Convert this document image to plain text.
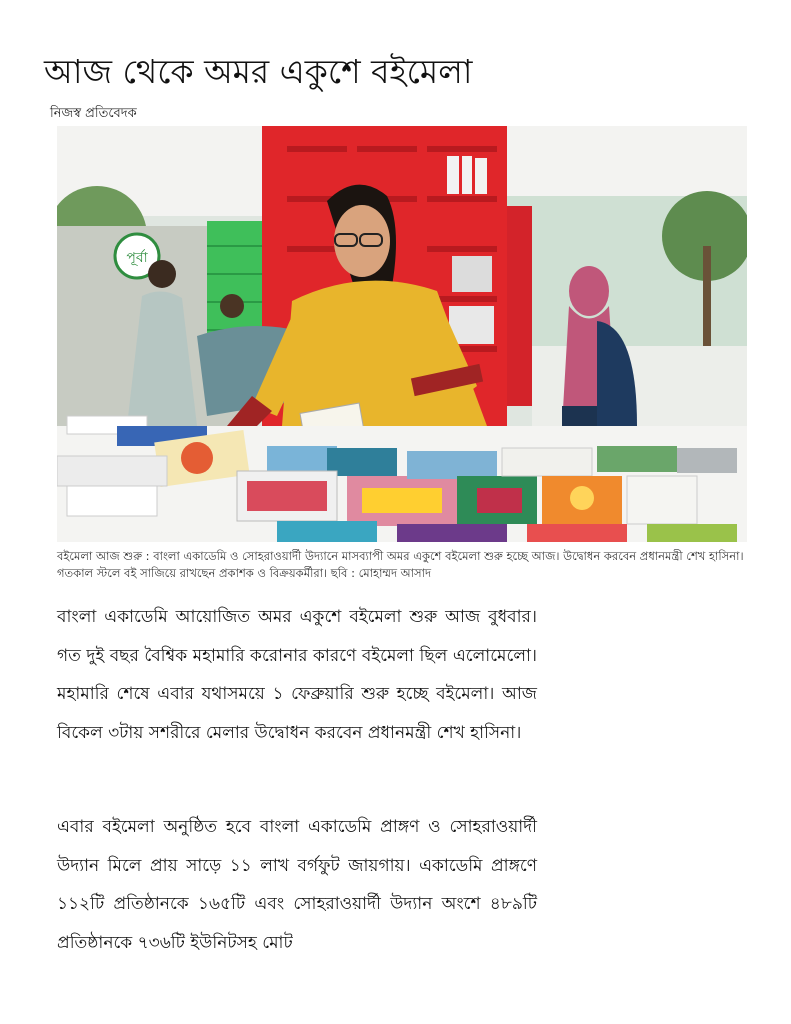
আজ থেকে অমর একুশে বইমেলা
নিজস্ব প্রতিবেদক
পূর্বা

বইমেলা আজ শুরু : বাংলা একাডেমি ও সোহরাওয়ার্দী উদ্যানে মাসব্যাপী অমর একুশে বইমেলা শুরু হচ্ছে আজ। উদ্বোধন করবেন প্রধানমন্ত্রী শেখ হাসিনা। গতকাল স্টলে বই সাজিয়ে রাখছেন প্রকাশক ও বিক্রয়কর্মীরা। ছবি : মোহাম্মদ আসাদ

বাংলা একাডেমি আয়োজিত অমর একুশে বইমেলা শুরু আজ বুধবার। গত দুই বছর বৈশ্বিক মহামারি করোনার কারণে বইমেলা ছিল এলোমেলো। মহামারি শেষে এবার যথাসময়ে ১ ফেব্রুয়ারি শুরু হচ্ছে বইমেলা। আজ বিকেল ৩টায় সশরীরে মেলার উদ্বোধন করবেন প্রধানমন্ত্রী শেখ হাসিনা।

এবার বইমেলা অনুষ্ঠিত হবে বাংলা একাডেমি প্রাঙ্গণ ও সোহরাওয়ার্দী উদ্যান মিলে প্রায় সাড়ে ১১ লাখ বর্গফুট জায়গায়। একাডেমি প্রাঙ্গণে ১১২টি প্রতিষ্ঠানকে ১৬৫টি এবং সোহরাওয়ার্দী উদ্যান অংশে ৪৮৯টি প্রতিষ্ঠানকে ৭৩৬টি ইউনিটসহ মোট
